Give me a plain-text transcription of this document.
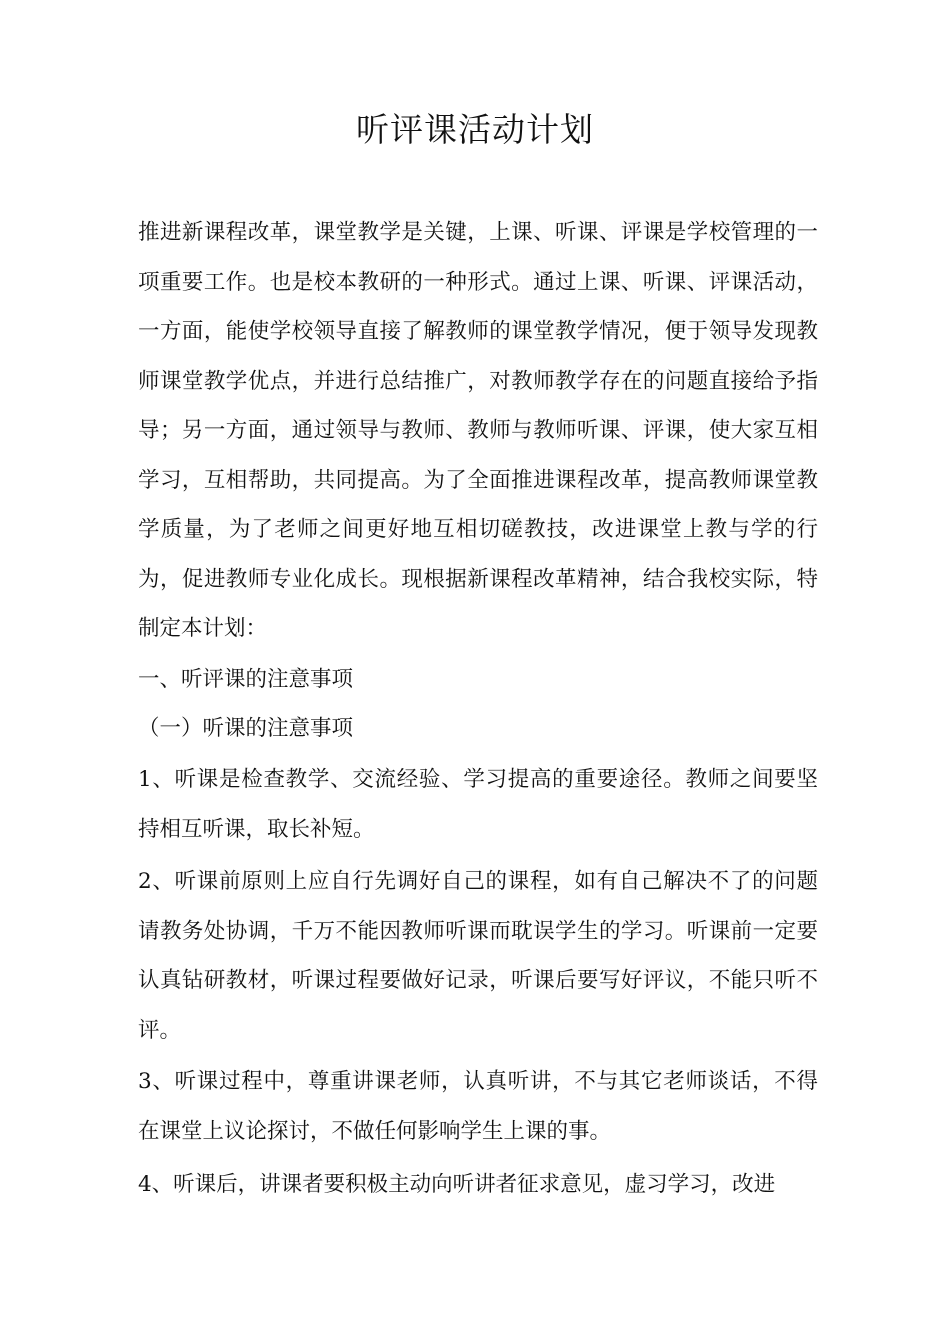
听评课活动计划

推进新课程改革，课堂教学是关键，上课、听课、评课是学校管理的一项重要工作。也是校本教研的一种形式。通过上课、听课、评课活动，一方面，能使学校领导直接了解教师的课堂教学情况，便于领导发现教师课堂教学优点，并进行总结推广，对教师教学存在的问题直接给予指导；另一方面，通过领导与教师、教师与教师听课、评课，使大家互相学习，互相帮助，共同提高。为了全面推进课程改革，提高教师课堂教学质量，为了老师之间更好地互相切磋教技，改进课堂上教与学的行为，促进教师专业化成长。现根据新课程改革精神，结合我校实际，特制定本计划：

一、听评课的注意事项

（一）听课的注意事项

1、听课是检查教学、交流经验、学习提高的重要途径。教师之间要坚持相互听课，取长补短。

2、听课前原则上应自行先调好自己的课程，如有自己解决不了的问题请教务处协调，千万不能因教师听课而耽误学生的学习。听课前一定要认真钻研教材，听课过程要做好记录，听课后要写好评议，不能只听不评。

3、听课过程中，尊重讲课老师，认真听讲，不与其它老师谈话，不得在课堂上议论探讨，不做任何影响学生上课的事。

4、听课后，讲课者要积极主动向听讲者征求意见，虚习学习，改进
